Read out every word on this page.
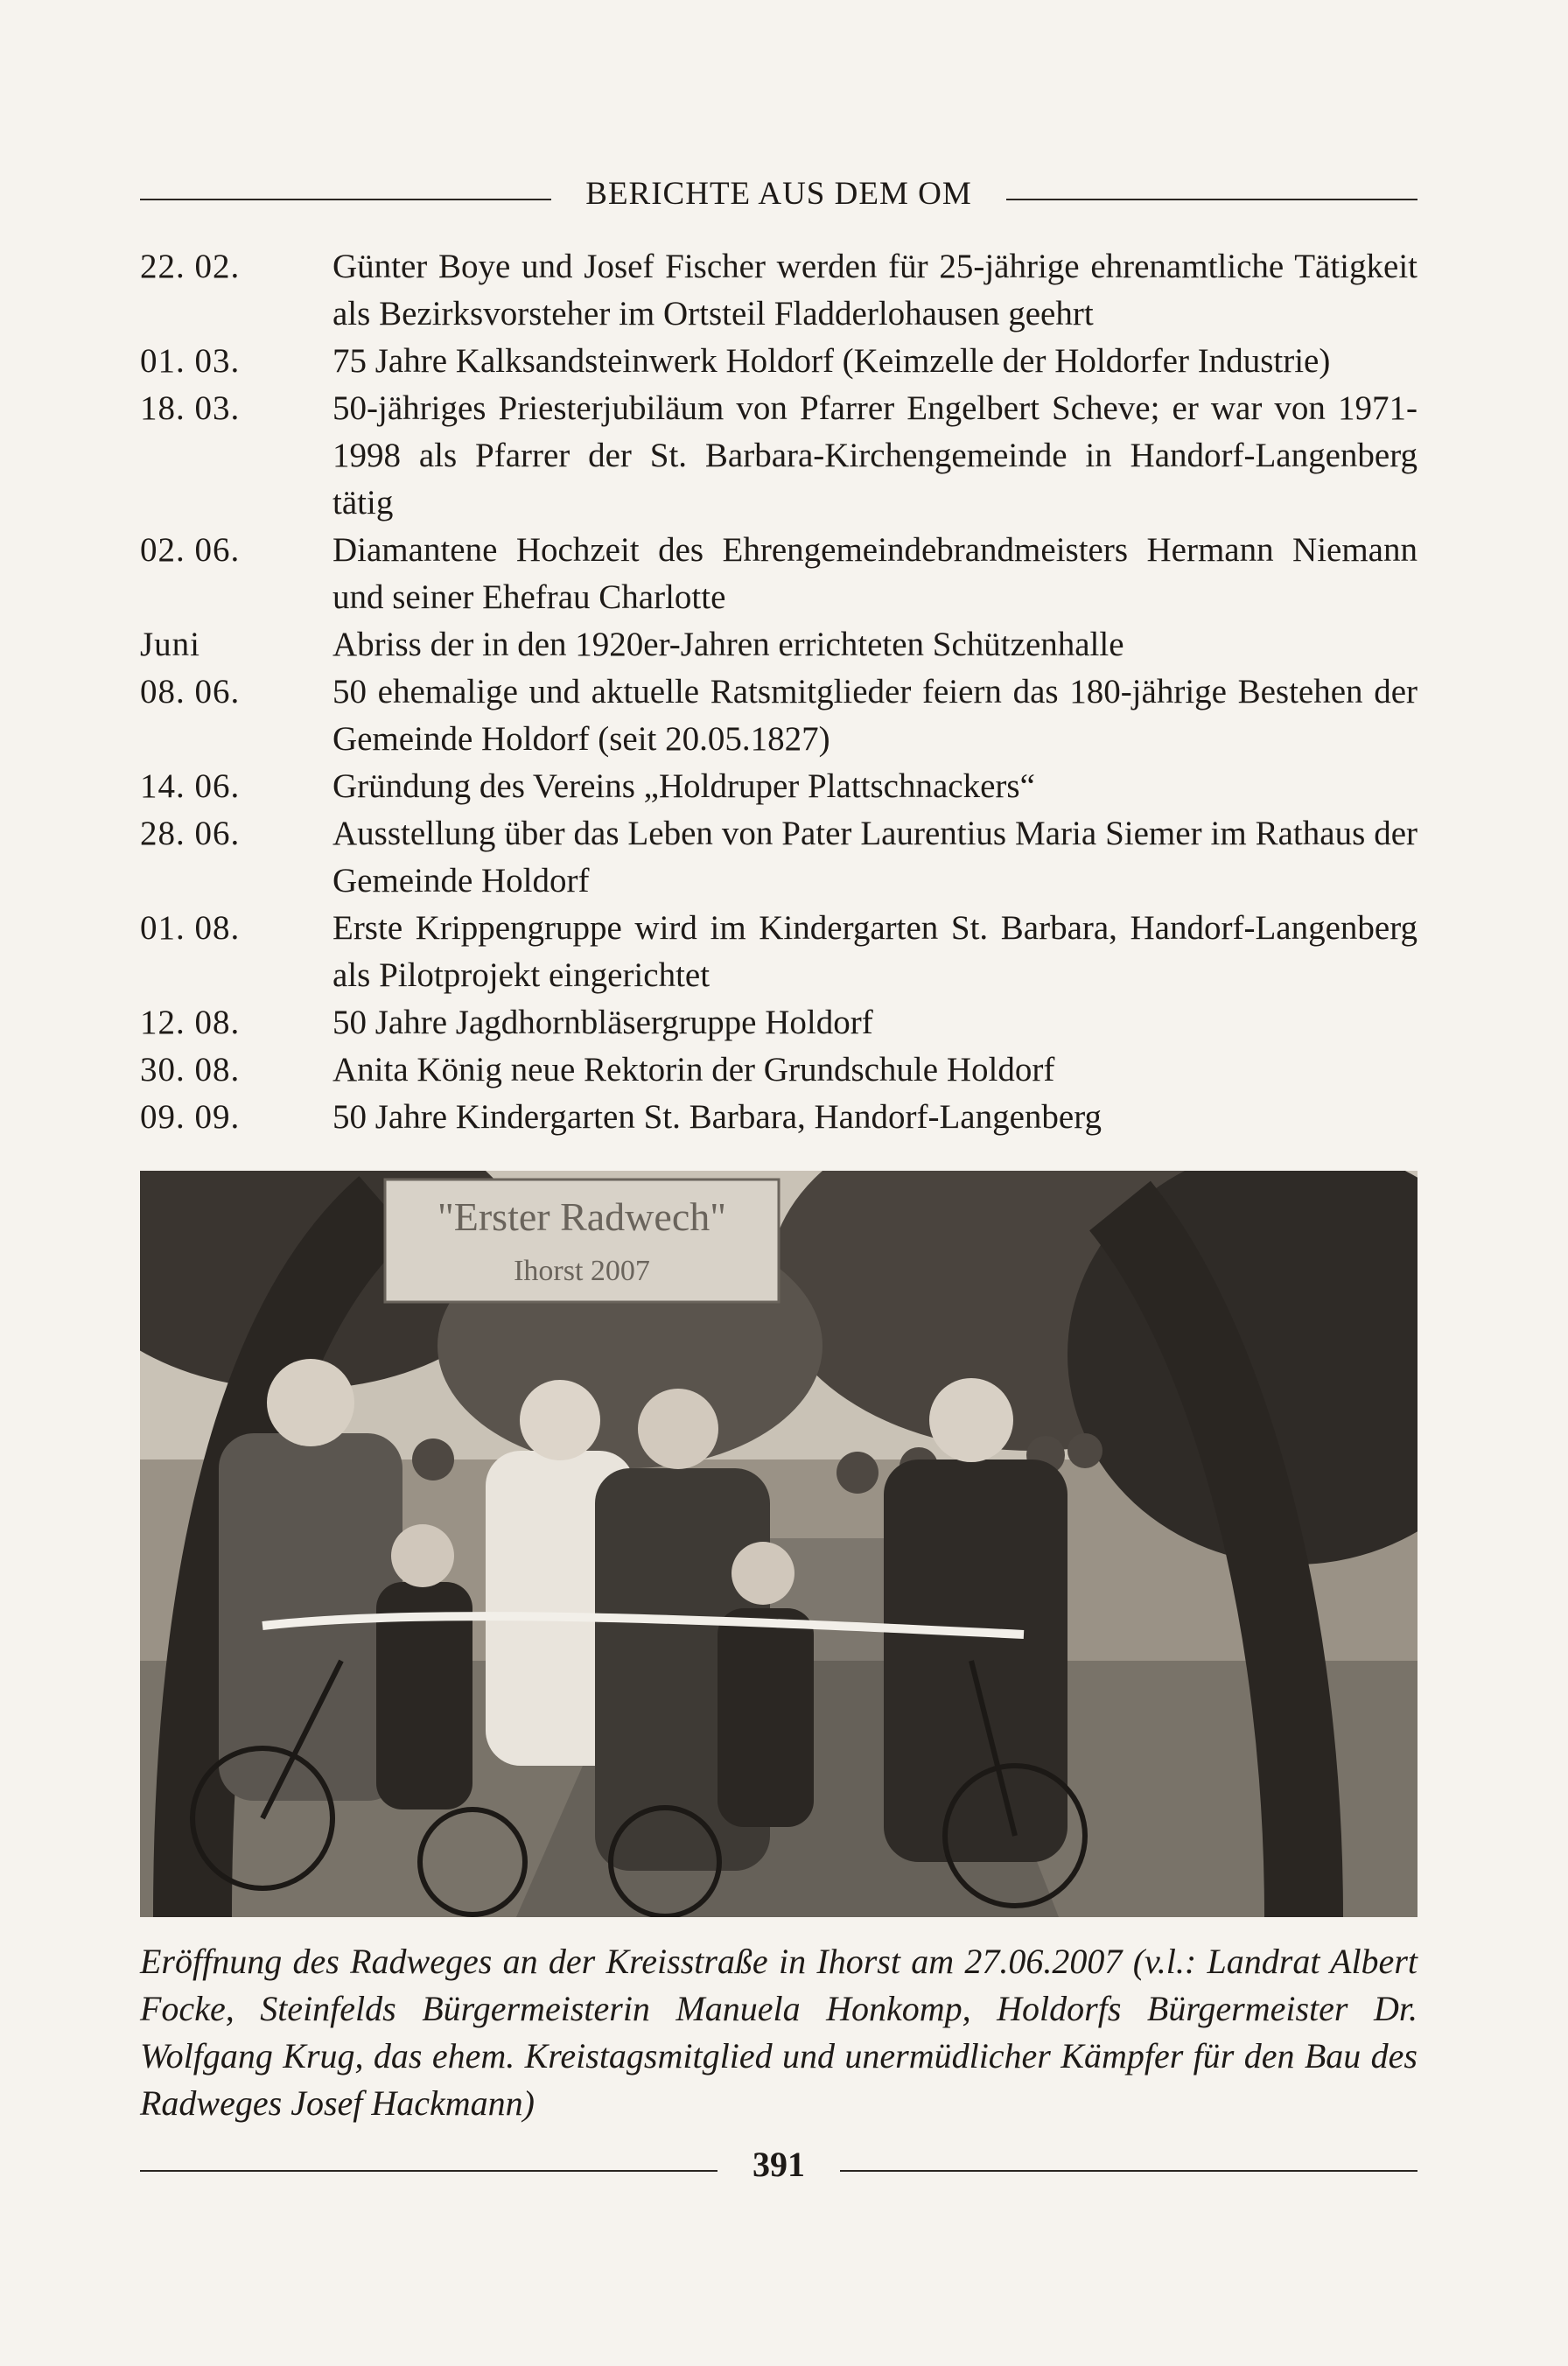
BERICHTE AUS DEM OM
22. 02.	Günter Boye und Josef Fischer werden für 25-jährige ehrenamtliche Tätigkeit als Bezirksvorsteher im Ortsteil Fladderlohausen geehrt
01. 03.	75 Jahre Kalksandsteinwerk Holdorf (Keimzelle der Holdorfer Industrie)
18. 03.	50-jähriges Priesterjubiläum von Pfarrer Engelbert Scheve; er war von 1971-1998 als Pfarrer der St. Barbara-Kirchengemeinde in Handorf-Langenberg tätig
02. 06.	Diamantene Hochzeit des Ehrengemeindebrandmeisters Hermann Niemann und seiner Ehefrau Charlotte
Juni	Abriss der in den 1920er-Jahren errichteten Schützenhalle
08. 06.	50 ehemalige und aktuelle Ratsmitglieder feiern das 180-jährige Bestehen der Gemeinde Holdorf (seit 20.05.1827)
14. 06.	Gründung des Vereins „Holdruper Plattschnackers“
28. 06.	Ausstellung über das Leben von Pater Laurentius Maria Siemer im Rathaus der Gemeinde Holdorf
01. 08.	Erste Krippengruppe wird im Kindergarten St. Barbara, Handorf-Langenberg als Pilotprojekt eingerichtet
12. 08.	50 Jahre Jagdhornbläsergruppe Holdorf
30. 08.	Anita König neue Rektorin der Grundschule Holdorf
09. 09.	50 Jahre Kindergarten St. Barbara, Handorf-Langenberg
"Erster Radwech"
Ihorst 2007
Eröffnung des Radweges an der Kreisstraße in Ihorst am 27.06.2007 (v.l.: Landrat Albert Focke, Steinfelds Bürgermeisterin Manuela Honkomp, Holdorfs Bürgermeister Dr. Wolfgang Krug, das ehem. Kreistagsmitglied und unermüdlicher Kämpfer für den Bau des Radweges Josef Hackmann)
391
